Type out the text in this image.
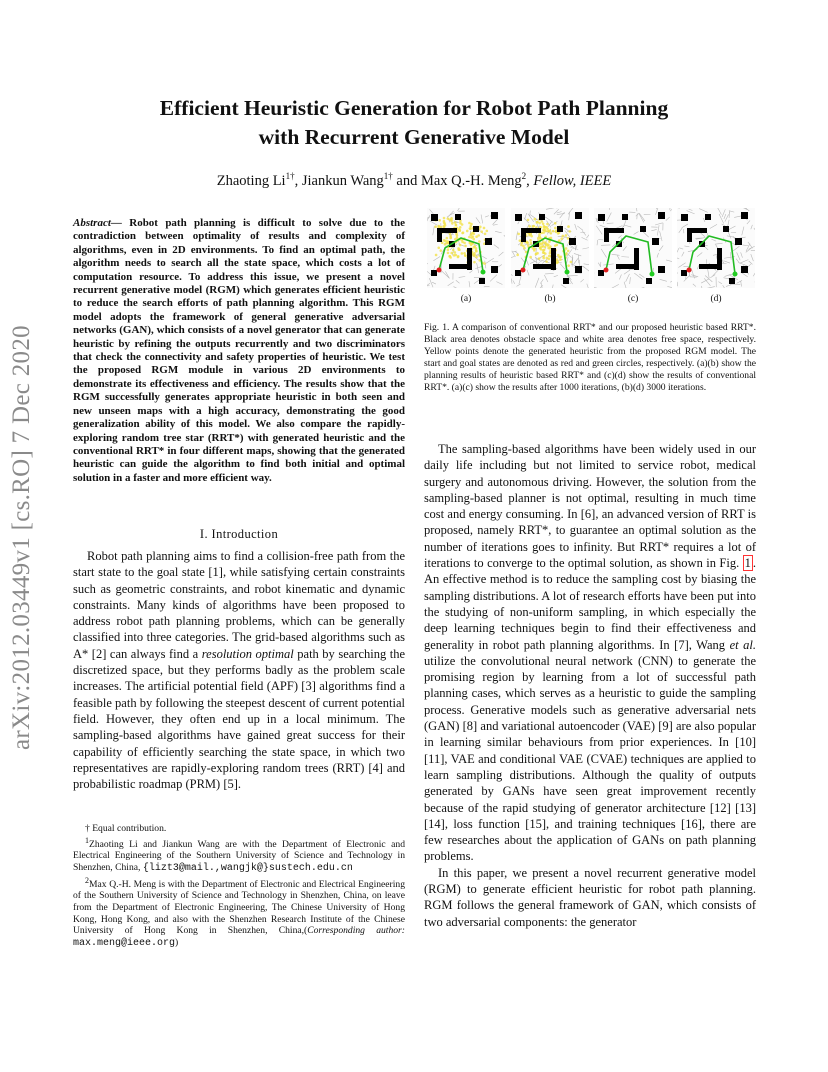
Efficient Heuristic Generation for Robot Path Planning
with Recurrent Generative Model
Zhaoting $Li^{1\dagger}$, Jiankun Wang$^{1\dagger}$ and Max Q.-H. Meng$^2$, Fellow, IEEE
arXiv:2012.03449v1 [cs.RO] 7 Dec 2020
Abstract— Robot path planning is difficult to solve due to the contradiction between optimality of results and complexity of algorithms, even in 2D environments. To find an optimal path, the algorithm needs to search all the state space, which costs a lot of computation resource. To address this issue, we present a novel recurrent generative model (RGM) which generates efficient heuristic to reduce the search efforts of path planning algorithm. This RGM model adopts the framework of general generative adversarial networks (GAN), which consists of a novel generator that can generate heuristic by refining the outputs recurrently and two discriminators that check the connectivity and safety properties of heuristic. We test the proposed RGM module in various 2D environments to demonstrate its effectiveness and efficiency. The results show that the RGM successfully generates appropriate heuristic in both seen and new unseen maps with a high accuracy, demonstrating the good generalization ability of this model. We also compare the rapidly-exploring random tree star (RRT*) with generated heuristic and the conventional RRT* in four different maps, showing that the generated heuristic can guide the algorithm to find both initial and optimal solution in a faster and more efficient way.
I. Introduction

Robot path planning aims to find a collision-free path from the start state to the goal state [1], while satisfying certain constraints such as geometric constraints, and robot kinematic and dynamic constraints. Many kinds of algorithms have been proposed to address robot path planning problems, which can be generally classified into three categories. The grid-based algorithms such as A* [2] can always find a resolution optimal path by searching the discretized space, but they performs badly as the problem scale increases. The artificial potential field (APF) [3] algorithms find a feasible path by following the steepest descent of current potential field. However, they often end up in a local minimum. The sampling-based algorithms have gained great success for their capability of efficiently searching the state space, in which two representatives are rapidly-exploring random trees (RRT) [4] and probabilistic roadmap (PRM) [5].

† Equal contribution.

$^1$Zhaoting Li and Jiankun Wang are with the Department of Electronic and Electrical Engineering of the Southern University of Science and Technology in Shenzhen, China, {lizt3@mail.,wangjk@}sustech.edu.cn

$^2$Max Q.-H. Meng is with the Department of Electronic and Electrical Engineering of the Southern University of Science and Technology in Shenzhen, China, on leave from the Department of Electronic Engineering, The Chinese University of Hong Kong, Hong Kong, and also with the Shenzhen Research Institute of the Chinese University of Hong Kong in Shenzhen, China,(Corresponding author: max.meng@ieee.org)

(a)	(b)	(c)	(d)
Fig. 1. A comparison of conventional RRT* and our proposed heuristic based RRT*. Black area denotes obstacle space and white area denotes free space, respectively. Yellow points denote the generated heuristic from the proposed RGM model. The start and goal states are denoted as red and green circles, respectively. (a)(b) show the planning results of heuristic based RRT* and (c)(d) show the results of conventional RRT*. (a)(c) show the results after 1000 iterations, (b)(d) 3000 iterations.

The sampling-based algorithms have been widely used in our daily life including but not limited to service robot, medical surgery and autonomous driving. However, the solution from the sampling-based planner is not optimal, resulting in much time cost and energy consuming. In [6], an advanced version of RRT is proposed, namely RRT*, to guarantee an optimal solution as the number of iterations goes to infinity. But RRT* requires a lot of iterations to converge to the optimal solution, as shown in Fig. 1 . An effective method is to reduce the sampling cost by biasing the sampling distributions. A lot of research efforts have been put into the studying of non-uniform sampling, in which especially the deep learning techniques begin to find their effectiveness and generality in robot path planning algorithms. In [7], Wang et al. utilize the convolutional neural network (CNN) to generate the promising region by learning from a lot of successful path planning cases, which serves as a heuristic to guide the sampling process. Generative models such as generative adversarial nets (GAN) [8] and variational autoencoder (VAE) [9] are also popular in learning similar behaviours from prior experiences. In [10] [11], VAE and conditional VAE (CVAE) techniques are applied to learn sampling distributions. Although the quality of outputs generated by GANs have seen great improvement recently because of the rapid studying of generator architecture [12] [13] [14], loss function [15], and training techniques [16], there are few researches about the application of GANs on path planning problems.

In this paper, we present a novel recurrent generative model (RGM) to generate efficient heuristic for robot path planning. RGM follows the general framework of GAN, which consists of two adversarial components: the generator
